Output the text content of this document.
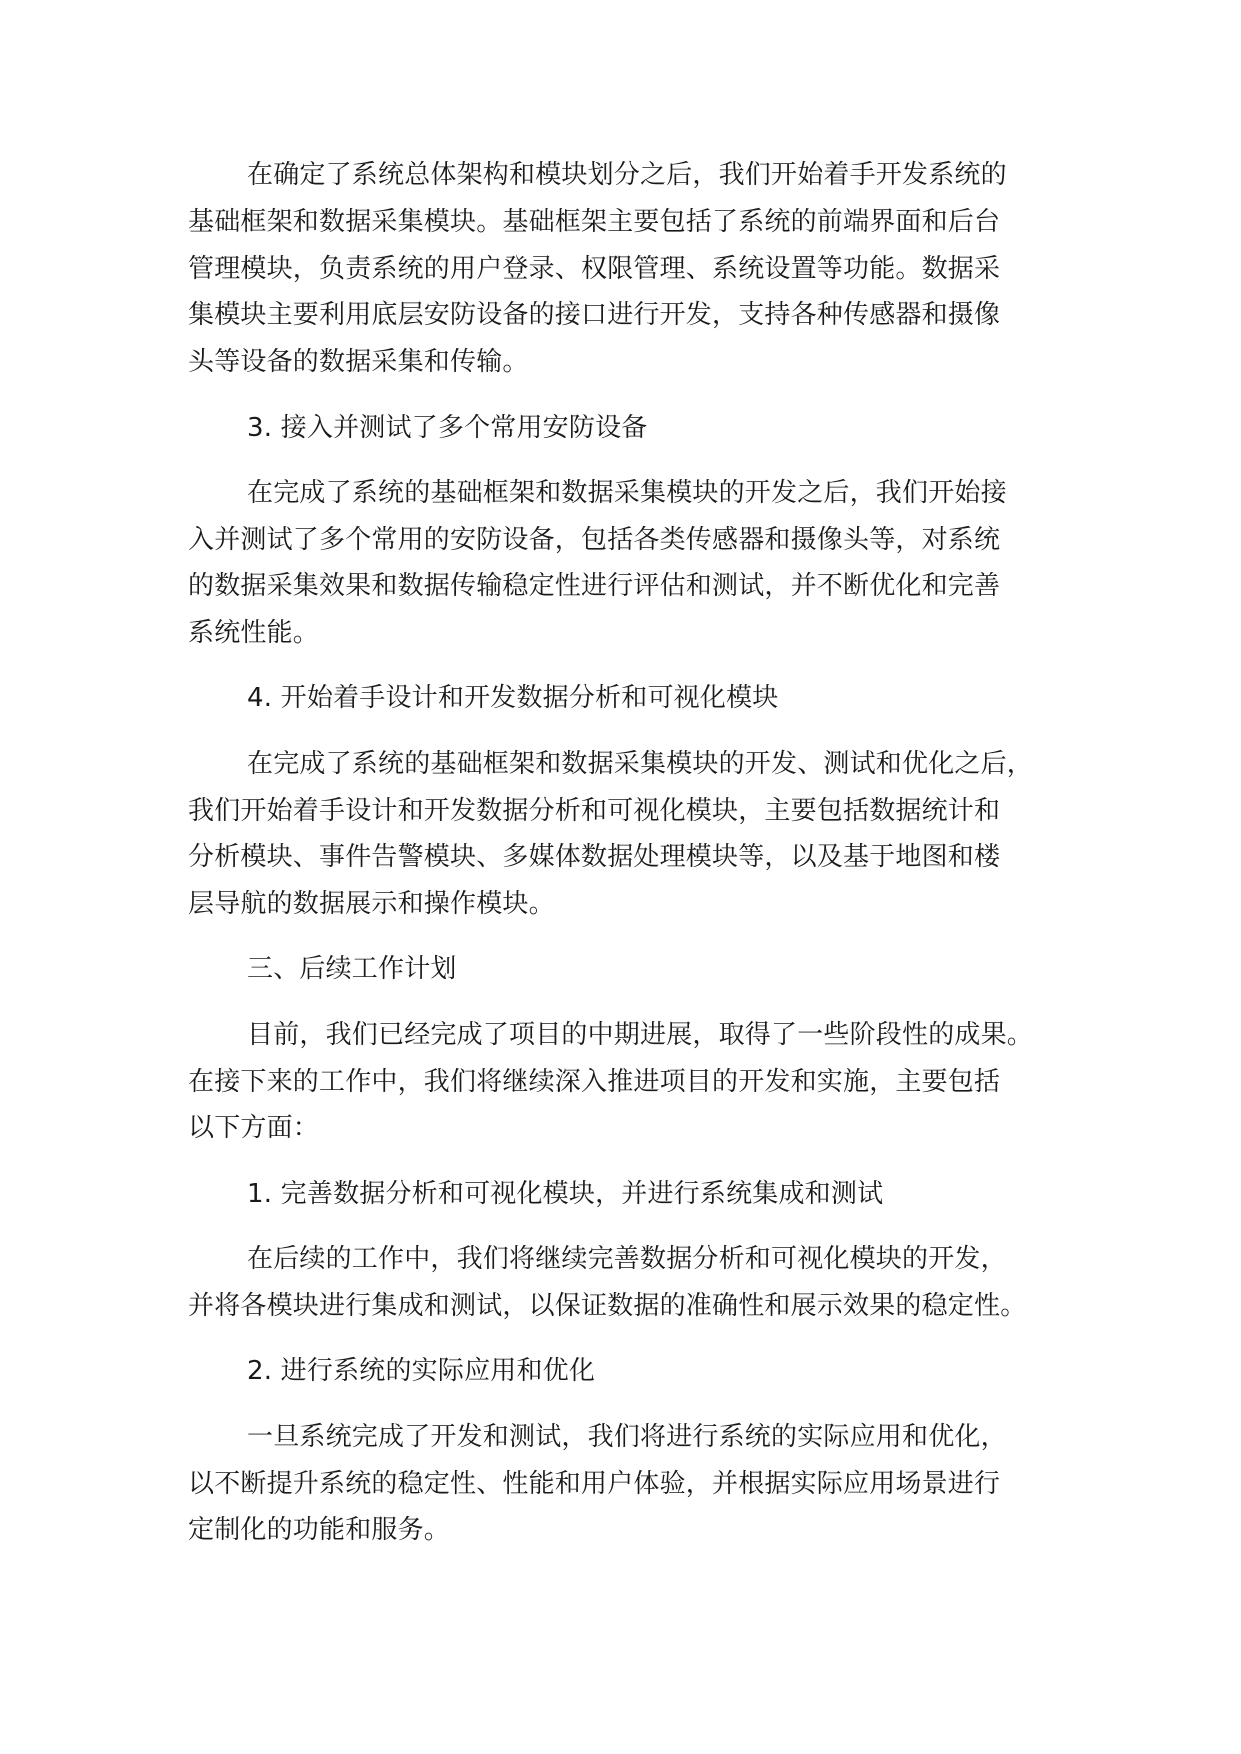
在确定了系统总体架构和模块划分之后，我们开始着手开发系统的

基础框架和数据采集模块。基础框架主要包括了系统的前端界面和后台

管理模块，负责系统的用户登录、权限管理、系统设置等功能。数据采

集模块主要利用底层安防设备的接口进行开发，支持各种传感器和摄像

头等设备的数据采集和传输。

3. 接入并测试了多个常用安防设备

在完成了系统的基础框架和数据采集模块的开发之后，我们开始接

入并测试了多个常用的安防设备，包括各类传感器和摄像头等，对系统

的数据采集效果和数据传输稳定性进行评估和测试，并不断优化和完善

系统性能。

4. 开始着手设计和开发数据分析和可视化模块

在完成了系统的基础框架和数据采集模块的开发、测试和优化之后，

我们开始着手设计和开发数据分析和可视化模块，主要包括数据统计和

分析模块、事件告警模块、多媒体数据处理模块等，以及基于地图和楼

层导航的数据展示和操作模块。

三、后续工作计划

目前，我们已经完成了项目的中期进展，取得了一些阶段性的成果。

在接下来的工作中，我们将继续深入推进项目的开发和实施，主要包括

以下方面：

1. 完善数据分析和可视化模块，并进行系统集成和测试

在后续的工作中，我们将继续完善数据分析和可视化模块的开发，

并将各模块进行集成和测试，以保证数据的准确性和展示效果的稳定性。

2. 进行系统的实际应用和优化

一旦系统完成了开发和测试，我们将进行系统的实际应用和优化，

以不断提升系统的稳定性、性能和用户体验，并根据实际应用场景进行

定制化的功能和服务。
